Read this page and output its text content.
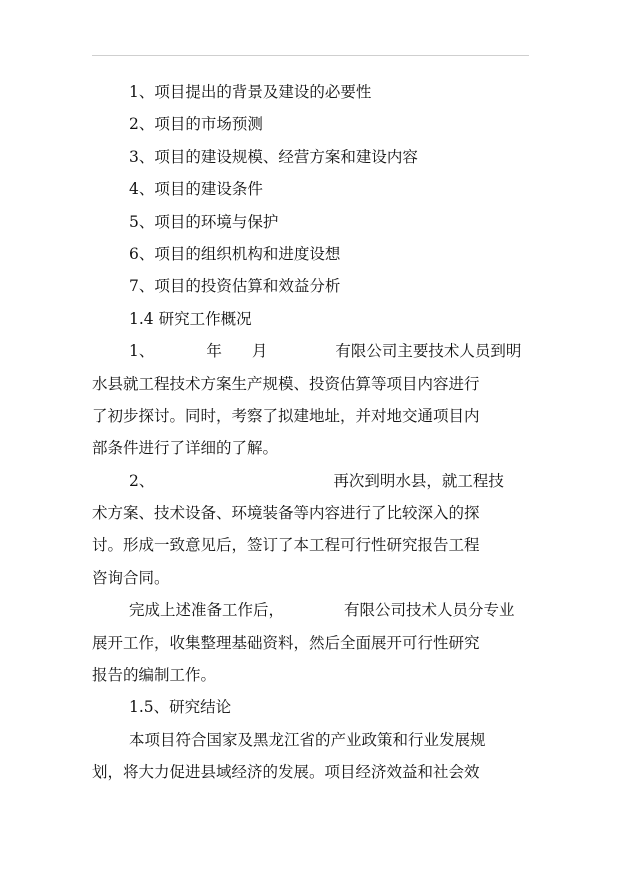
1、项目提出的背景及建设的必要性
2、项目的市场预测
3、项目的建设规模、经营方案和建设内容
4、项目的建设条件
5、项目的环境与保护
6、项目的组织机构和进度设想
7、项目的投资估算和效益分析
1.4 研究工作概况
1、	年 月	有限公司主要技术人员到明
水县就工程技术方案生产规模、投资估算等项目内容进行
了初步探讨。同时，考察了拟建地址，并对地交通项目内
部条件进行了详细的了解。
2、	再次到明水县，就工程技
术方案、技术设备、环境装备等内容进行了比较深入的探
讨。形成一致意见后，签订了本工程可行性研究报告工程
咨询合同。
完成上述准备工作后，	有限公司技术人员分专业
展开工作，收集整理基础资料，然后全面展开可行性研究
报告的编制工作。
1.5、研究结论
本项目符合国家及黑龙江省的产业政策和行业发展规
划，将大力促进县域经济的发展。项目经济效益和社会效
